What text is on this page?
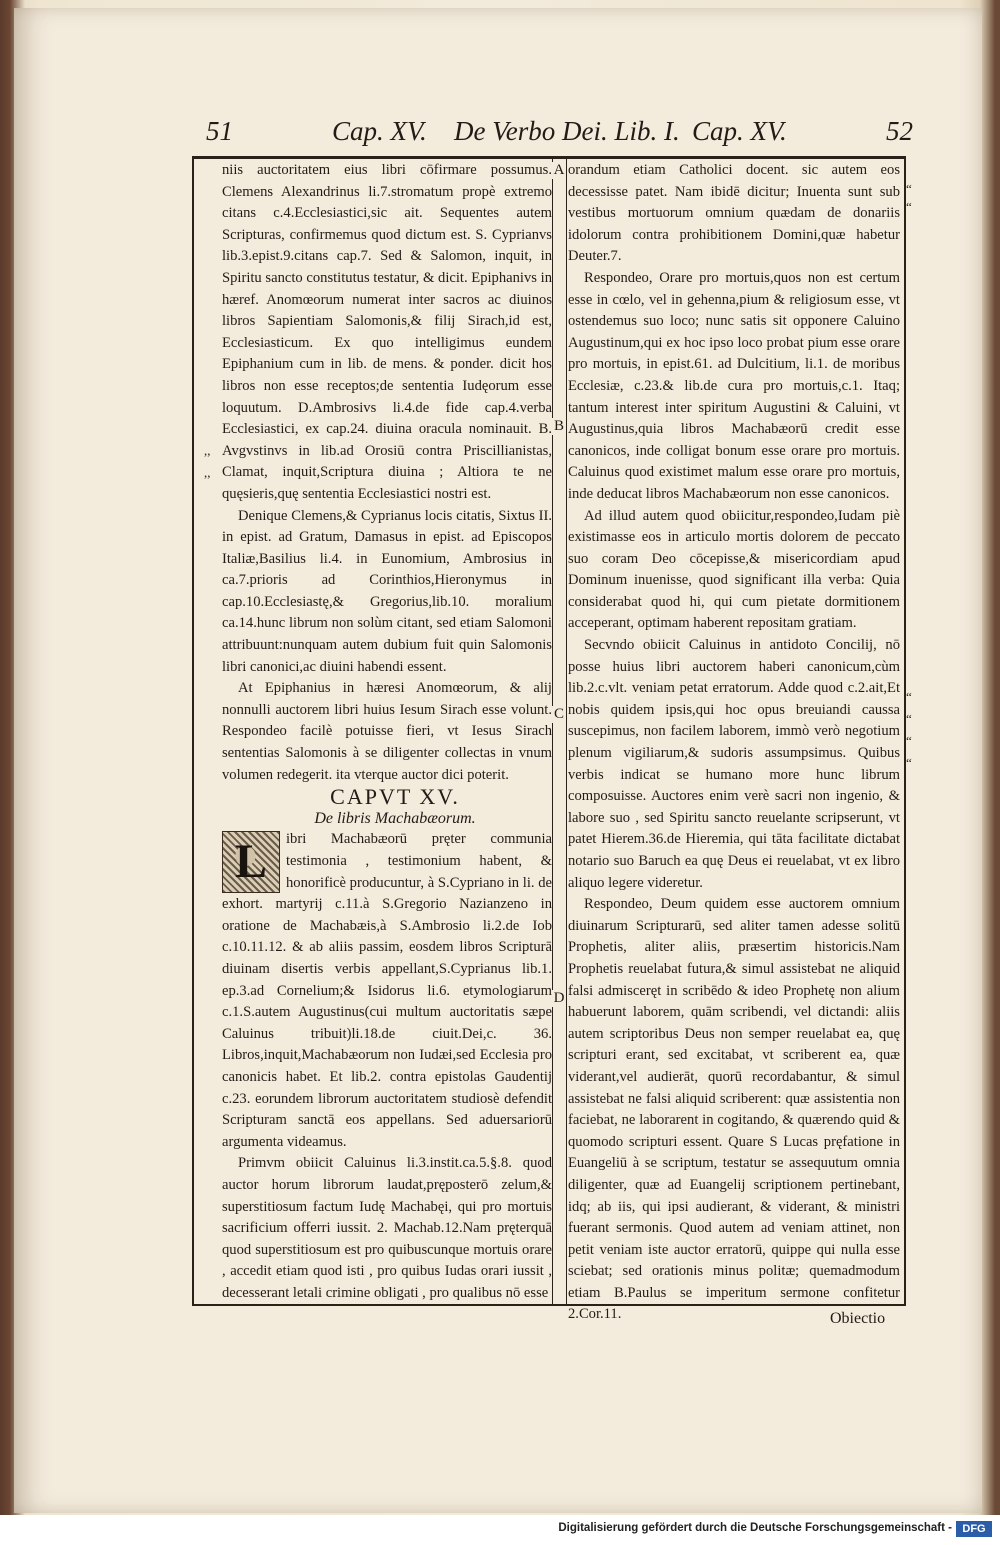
51	Cap. XV. De Verbo Dei. Lib. I. Cap. XV.	52
A
B
C
D
,,
,,
“
“
“
“
“
“

niis auctoritatem eius libri cōfirmare possumus. Clemens Alexandrinus li.7.stromatum propè extremo citans c.4.Ecclesiastici,sic ait. Sequentes autem Scripturas, confirmemus quod dictum est. S. Cyprianvs lib.3.epist.9.citans cap.7. Sed & Salomon, inquit, in Spiritu sancto constitutus testatur, & dicit. Epiphanivs in hæref. Anomœorum numerat inter sacros ac diuinos libros Sapientiam Salomonis,& filij Sirach,id est, Ecclesiasticum. Ex quo intelligimus eundem Epiphanium cum in lib. de mens. & ponder. dicit hos libros non esse receptos;de sententia Iudęorum esse loquutum. D.Ambrosivs li.4.de fide cap.4.verba Ecclesiastici, ex cap.24. diuina oracula nominauit. B. Avgvstinvs in lib.ad Orosiū contra Priscillianistas, Clamat, inquit,Scriptura diuina ; Altiora te ne quęsieris,quę sententia Ecclesiastici nostri est.

Denique Clemens,& Cyprianus locis citatis, Sixtus II. in epist. ad Gratum, Damasus in epist. ad Episcopos Italiæ,Basilius li.4. in Eunomium, Ambrosius in ca.7.prioris ad Corinthios,Hieronymus in cap.10.Ecclesiastę,& Gregorius,lib.10. moralium ca.14.hunc librum non solùm citant, sed etiam Salomoni attribuunt:nunquam autem dubium fuit quin Salomonis libri canonici,ac diuini habendi essent.

At Epiphanius in hæresi Anomœorum, & alij nonnulli auctorem libri huius Iesum Sirach esse volunt. Respondeo facilè potuisse fieri, vt Iesus Sirach sententias Salomonis à se diligenter collectas in vnum volumen redegerit. ita vterque auctor dici poterit.

CAPVT XV.

De libris Machabæorum.

L	ibri Machabæorū pręter communia testimonia , testimonium habent, & honorificè producuntur, à S.Cypriano in li. de exhort. martyrij c.11.à S.Gregorio Nazianzeno in oratione de Machabæis,à S.Ambrosio li.2.de Iob c.10.11.12. & ab aliis passim, eosdem libros Scripturā diuinam disertis verbis appellant,S.Cyprianus lib.1. ep.3.ad Cornelium;& Isidorus li.6. etymologiarum c.1.S.autem Augustinus(cui multum auctoritatis sæpe Caluinus tribuit)li.18.de ciuit.Dei,c. 36. Libros,inquit,Machabæorum non Iudæi,sed Ecclesia pro canonicis habet. Et lib.2. contra epistolas Gaudentij c.23. eorundem librorum auctoritatem studiosè defendit Scripturam sanctā eos appellans. Sed aduersariorū argumenta videamus.

Primvm obiicit Caluinus li.3.instit.ca.5.§.8. quod auctor horum librorum laudat,pręposterō zelum,& superstitiosum factum Iudę Machabęi, qui pro mortuis sacrificium offerri iussit. 2. Machab.12.Nam pręterquā quod superstitiosum est pro quibuscunque mortuis orare , accedit etiam quod isti , pro quibus Iudas orari iussit , decesserant letali crimine obligati , pro qualibus nō esse

orandum etiam Catholici docent. sic autem eos decessisse patet. Nam ibidē dicitur; Inuenta sunt sub vestibus mortuorum omnium quædam de donariis idolorum contra prohibitionem Domini,quæ habetur Deuter.7.

Respondeo, Orare pro mortuis,quos non est certum esse in cœlo, vel in gehenna,pium & religiosum esse, vt ostendemus suo loco; nunc satis sit opponere Caluino Augustinum,qui ex hoc ipso loco probat pium esse orare pro mortuis, in epist.61. ad Dulcitium, li.1. de moribus Ecclesiæ, c.23.& lib.de cura pro mortuis,c.1. Itaq; tantum interest inter spiritum Augustini & Caluini, vt Augustinus,quia libros Machabæorū credit esse canonicos, inde colligat bonum esse orare pro mortuis. Caluinus quod existimet malum esse orare pro mortuis, inde deducat libros Machabæorum non esse canonicos.

Ad illud autem quod obiicitur,respondeo,Iudam piè existimasse eos in articulo mortis dolorem de peccato suo coram Deo cōcepisse,& misericordiam apud Dominum inuenisse, quod significant illa verba: Quia considerabat quod hi, qui cum pietate dormitionem acceperant, optimam haberent repositam gratiam.

Secvndo obiicit Caluinus in antidoto Concilij, nō posse huius libri auctorem haberi canonicum,cùm lib.2.c.vlt. veniam petat erratorum. Adde quod c.2.ait,Et nobis quidem ipsis,qui hoc opus breuiandi caussa suscepimus, non facilem laborem, immò verò negotium plenum vigiliarum,& sudoris assumpsimus. Quibus verbis indicat se humano more hunc librum composuisse. Auctores enim verè sacri non ingenio, & labore suo , sed Spiritu sancto reuelante scripserunt, vt patet Hierem.36.de Hieremia, qui tāta facilitate dictabat notario suo Baruch ea quę Deus ei reuelabat, vt ex libro aliquo legere videretur.

Respondeo, Deum quidem esse auctorem omnium diuinarum Scripturarū, sed aliter tamen adesse solitū Prophetis, aliter aliis, præsertim historicis.Nam Prophetis reuelabat futura,& simul assistebat ne aliquid falsi admisceręt in scribēdo & ideo Prophetę non alium habuerunt laborem, quām scribendi, vel dictandi: aliis autem scriptoribus Deus non semper reuelabat ea, quę scripturi erant, sed excitabat, vt scriberent ea, quæ viderant,vel audierāt, quorū recordabantur, & simul assistebat ne falsi aliquid scriberent: quæ assistentia non faciebat, ne laborarent in cogitando, & quærendo quid & quomodo scripturi essent. Quare S Lucas pręfatione in Euangeliū à se scriptum, testatur se assequutum omnia diligenter, quæ ad Euangelij scriptionem pertinebant, idq; ab iis, qui ipsi audierant, & viderant, & ministri fuerant sermonis. Quod autem ad veniam attinet, non petit veniam iste auctor erratorū, quippe qui nulla esse sciebat; sed orationis minus politæ; quemadmodum etiam B.Paulus se imperitum sermone confitetur 2.Cor.11.	Obiectio
Digitalisierung gefördert durch die Deutsche Forschungsgemeinschaft - DFG
